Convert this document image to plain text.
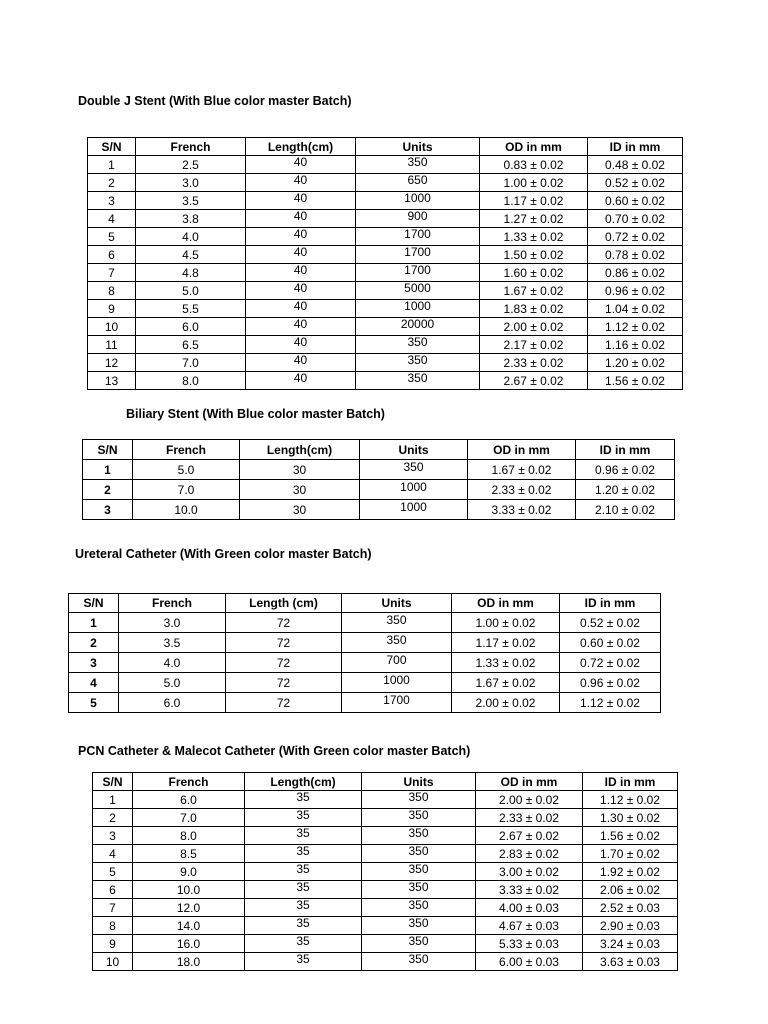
Double J Stent (With Blue color master Batch)
S/N	French	Length(cm)	Units	OD in mm	ID in mm
1	2.5	40	350	0.83 ± 0.02	0.48 ± 0.02
2	3.0	40	650	1.00 ± 0.02	0.52 ± 0.02
3	3.5	40	1000	1.17 ± 0.02	0.60 ± 0.02
4	3.8	40	900	1.27 ± 0.02	0.70 ± 0.02
5	4.0	40	1700	1.33 ± 0.02	0.72 ± 0.02
6	4.5	40	1700	1.50 ± 0.02	0.78 ± 0.02
7	4.8	40	1700	1.60 ± 0.02	0.86 ± 0.02
8	5.0	40	5000	1.67 ± 0.02	0.96 ± 0.02
9	5.5	40	1000	1.83 ± 0.02	1.04 ± 0.02
10	6.0	40	20000	2.00 ± 0.02	1.12 ± 0.02
11	6.5	40	350	2.17 ± 0.02	1.16 ± 0.02
12	7.0	40	350	2.33 ± 0.02	1.20 ± 0.02
13	8.0	40	350	2.67 ± 0.02	1.56 ± 0.02
Biliary Stent (With Blue color master Batch)
S/N	French	Length(cm)	Units	OD in mm	ID in mm
1	5.0	30	350	1.67 ± 0.02	0.96 ± 0.02
2	7.0	30	1000	2.33 ± 0.02	1.20 ± 0.02
3	10.0	30	1000	3.33 ± 0.02	2.10 ± 0.02
Ureteral Catheter (With Green color master Batch)
S/N	French	Length (cm)	Units	OD in mm	ID in mm
1	3.0	72	350	1.00 ± 0.02	0.52 ± 0.02
2	3.5	72	350	1.17 ± 0.02	0.60 ± 0.02
3	4.0	72	700	1.33 ± 0.02	0.72 ± 0.02
4	5.0	72	1000	1.67 ± 0.02	0.96 ± 0.02
5	6.0	72	1700	2.00 ± 0.02	1.12 ± 0.02
PCN Catheter & Malecot Catheter (With Green color master Batch)
S/N	French	Length(cm)	Units	OD in mm	ID in mm
1	6.0	35	350	2.00 ± 0.02	1.12 ± 0.02
2	7.0	35	350	2.33 ± 0.02	1.30 ± 0.02
3	8.0	35	350	2.67 ± 0.02	1.56 ± 0.02
4	8.5	35	350	2.83 ± 0.02	1.70 ± 0.02
5	9.0	35	350	3.00 ± 0.02	1.92 ± 0.02
6	10.0	35	350	3.33 ± 0.02	2.06 ± 0.02
7	12.0	35	350	4.00 ± 0.03	2.52 ± 0.03
8	14.0	35	350	4.67 ± 0.03	2.90 ± 0.03
9	16.0	35	350	5.33 ± 0.03	3.24 ± 0.03
10	18.0	35	350	6.00 ± 0.03	3.63 ± 0.03
